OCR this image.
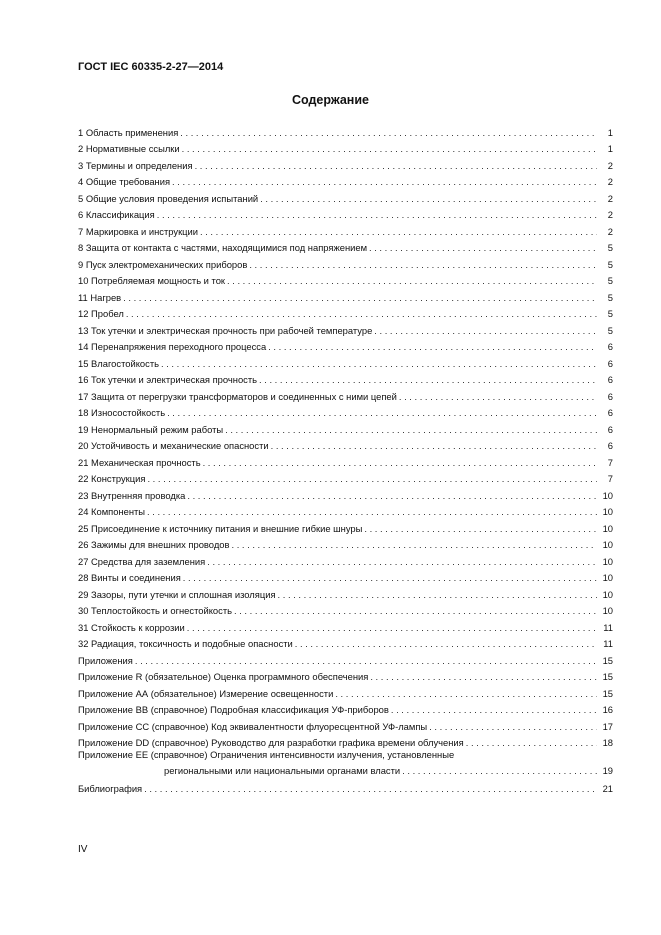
ГОСТ IEC 60335-2-27—2014
Содержание
1 Область применения . . .	1
2 Нормативные ссылки . . .	1
3 Термины и определения . . .	2
4 Общие требования . . .	2
5 Общие условия проведения испытаний . . .	2
6 Классификация . . .	2
7 Маркировка и инструкции . . .	2
8 Защита от контакта с частями, находящимися под напряжением . . .	5
9 Пуск электромеханических приборов . . .	5
10 Потребляемая мощность и ток . . .	5
11 Нагрев . . .	5
12 Пробел . . .	5
13 Ток утечки и электрическая прочность при рабочей температуре . . .	5
14 Перенапряжения переходного процесса . . .	6
15 Влагостойкость . . .	6
16 Ток утечки и электрическая прочность . . .	6
17 Защита от перегрузки трансформаторов и соединенных с ними цепей . . .	6
18 Износостойкость . . .	6
19 Ненормальный режим работы . . .	6
20 Устойчивость и механические опасности . . .	6
21 Механическая прочность . . .	7
22 Конструкция . . .	7
23 Внутренняя проводка . . .	10
24 Компоненты . . .	10
25 Присоединение к источнику питания и внешние гибкие шнуры . . .	10
26 Зажимы для внешних проводов . . .	10
27 Средства для заземления . . .	10
28 Винты и соединения . . .	10
29 Зазоры, пути утечки и сплошная изоляция . . .	10
30 Теплостойкость и огнестойкость . . .	10
31 Стойкость к коррозии . . .	11
32 Радиация, токсичность и подобные опасности . . .	11
Приложения . . .	15
Приложение R (обязательное) Оценка программного обеспечения . . .	15
Приложение АА (обязательное) Измерение освещенности . . .	15
Приложение ВВ (справочное) Подробная классификация УФ-приборов . . .	16
Приложение СС (справочное) Код эквивалентности флуоресцентной УФ-лампы . . .	17
Приложение DD (справочное) Руководство для разработки графика времени облучения . . .	18
Приложение ЕЕ (справочное) Ограничения интенсивности излучения, установленные
региональными или национальными органами власти . . .	19
Библиография . . .	21
IV
